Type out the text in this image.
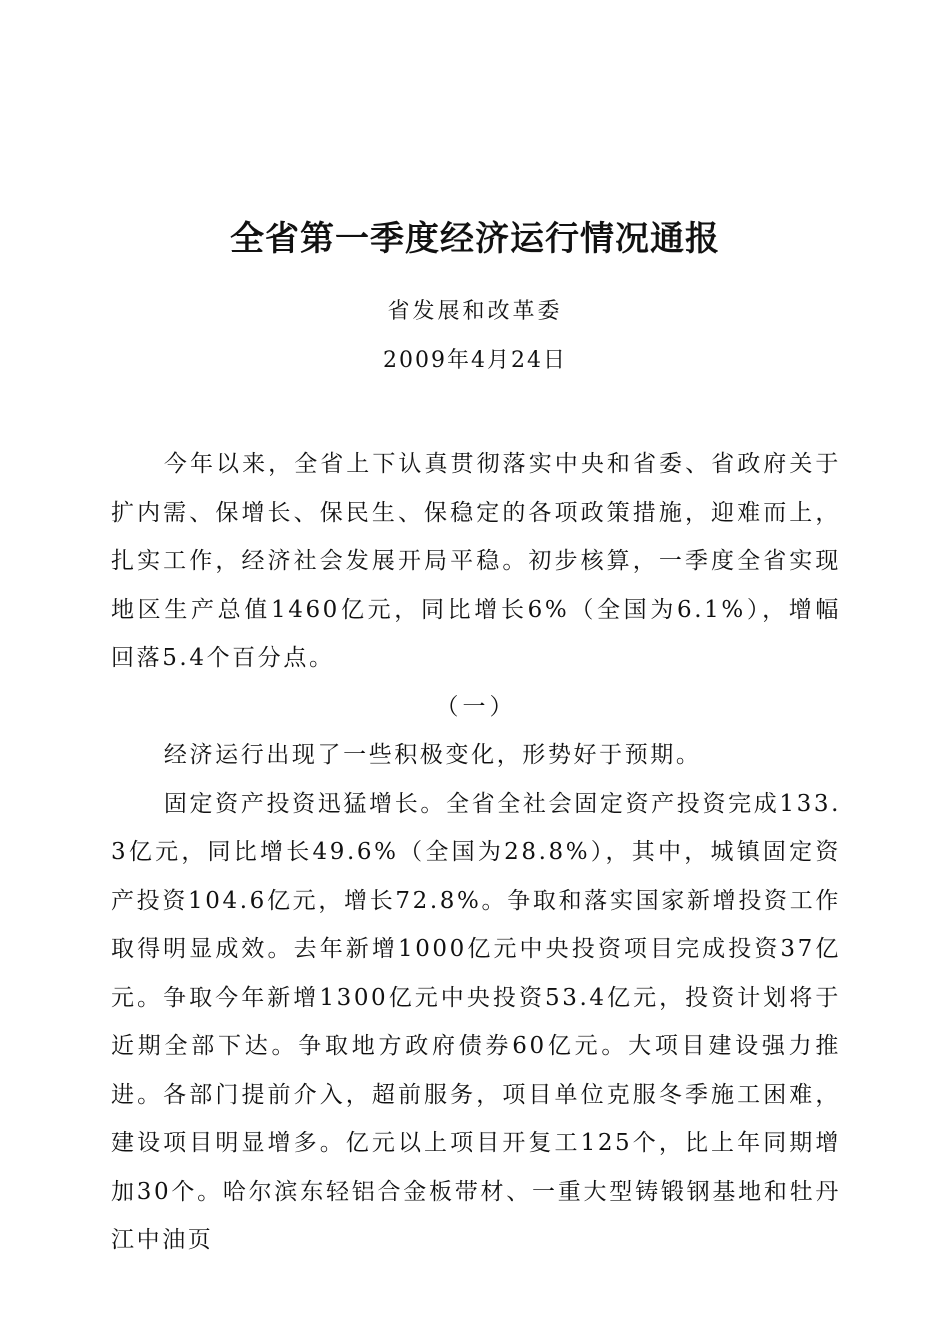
全省第一季度经济运行情况通报
省发展和改革委
2009年4月24日

今年以来，全省上下认真贯彻落实中央和省委、省政府关于扩内需、保增长、保民生、保稳定的各项政策措施，迎难而上，扎实工作，经济社会发展开局平稳。初步核算，一季度全省实现地区生产总值1460亿元，同比增长6%（全国为6.1%），增幅回落5.4个百分点。

（一）

经济运行出现了一些积极变化，形势好于预期。

固定资产投资迅猛增长。全省全社会固定资产投资完成133.3亿元，同比增长49.6%（全国为28.8%），其中，城镇固定资产投资104.6亿元，增长72.8%。争取和落实国家新增投资工作取得明显成效。去年新增1000亿元中央投资项目完成投资37亿元。争取今年新增1300亿元中央投资53.4亿元，投资计划将于近期全部下达。争取地方政府债券60亿元。大项目建设强力推进。各部门提前介入，超前服务，项目单位克服冬季施工困难，建设项目明显增多。亿元以上项目开复工125个，比上年同期增加30个。哈尔滨东轻铝合金板带材、一重大型铸锻钢基地和牡丹江中油页
